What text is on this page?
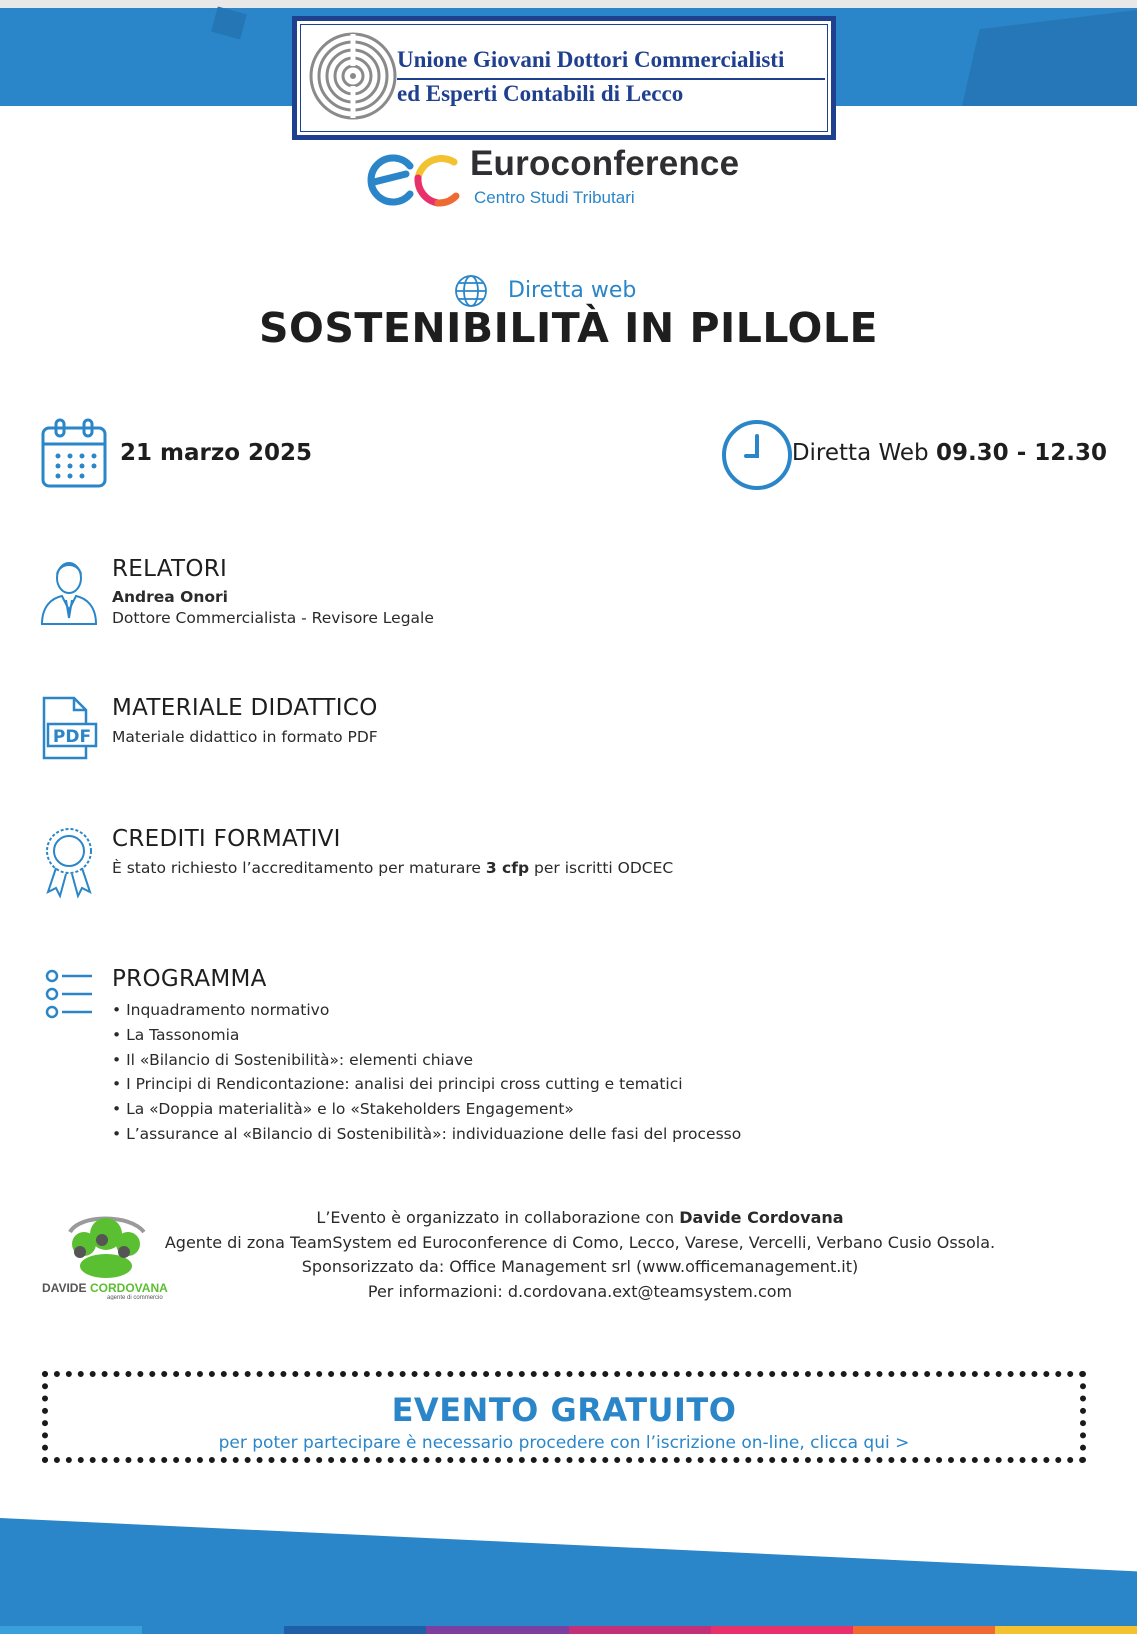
Unione Giovani Dottori Commercialisti
ed Esperti Contabili di Lecco
Euroconference
Centro Studi Tributari
Diretta web
SOSTENIBILITÀ IN PILLOLE
21 marzo 2025	Diretta Web 09.30 - 12.30
RELATORI
Andrea Onori
Dottore Commercialista - Revisore Legale
PDF
MATERIALE DIDATTICO
Materiale didattico in formato PDF
CREDITI FORMATIVI
È stato richiesto l’accreditamento per maturare 3 cfp per iscritti ODCEC
PROGRAMMA
• Inquadramento normativo
• La Tassonomia
• Il «Bilancio di Sostenibilità»: elementi chiave
• I Principi di Rendicontazione: analisi dei principi cross cutting e tematici
• La «Doppia materialità» e lo «Stakeholders Engagement»
• L’assurance al «Bilancio di Sostenibilità»: individuazione delle fasi del processo
DAVIDE CORDOVANA
agente di commercio
L’Evento è organizzato in collaborazione con Davide Cordovana
Agente di zona TeamSystem ed Euroconference di Como, Lecco, Varese, Vercelli, Verbano Cusio Ossola.
Sponsorizzato da: Office Management srl (www.officemanagement.it)
Per informazioni: d.cordovana.ext@teamsystem.com
EVENTO GRATUITO
per poter partecipare è necessario procedere con l’iscrizione on-line, clicca qui >
